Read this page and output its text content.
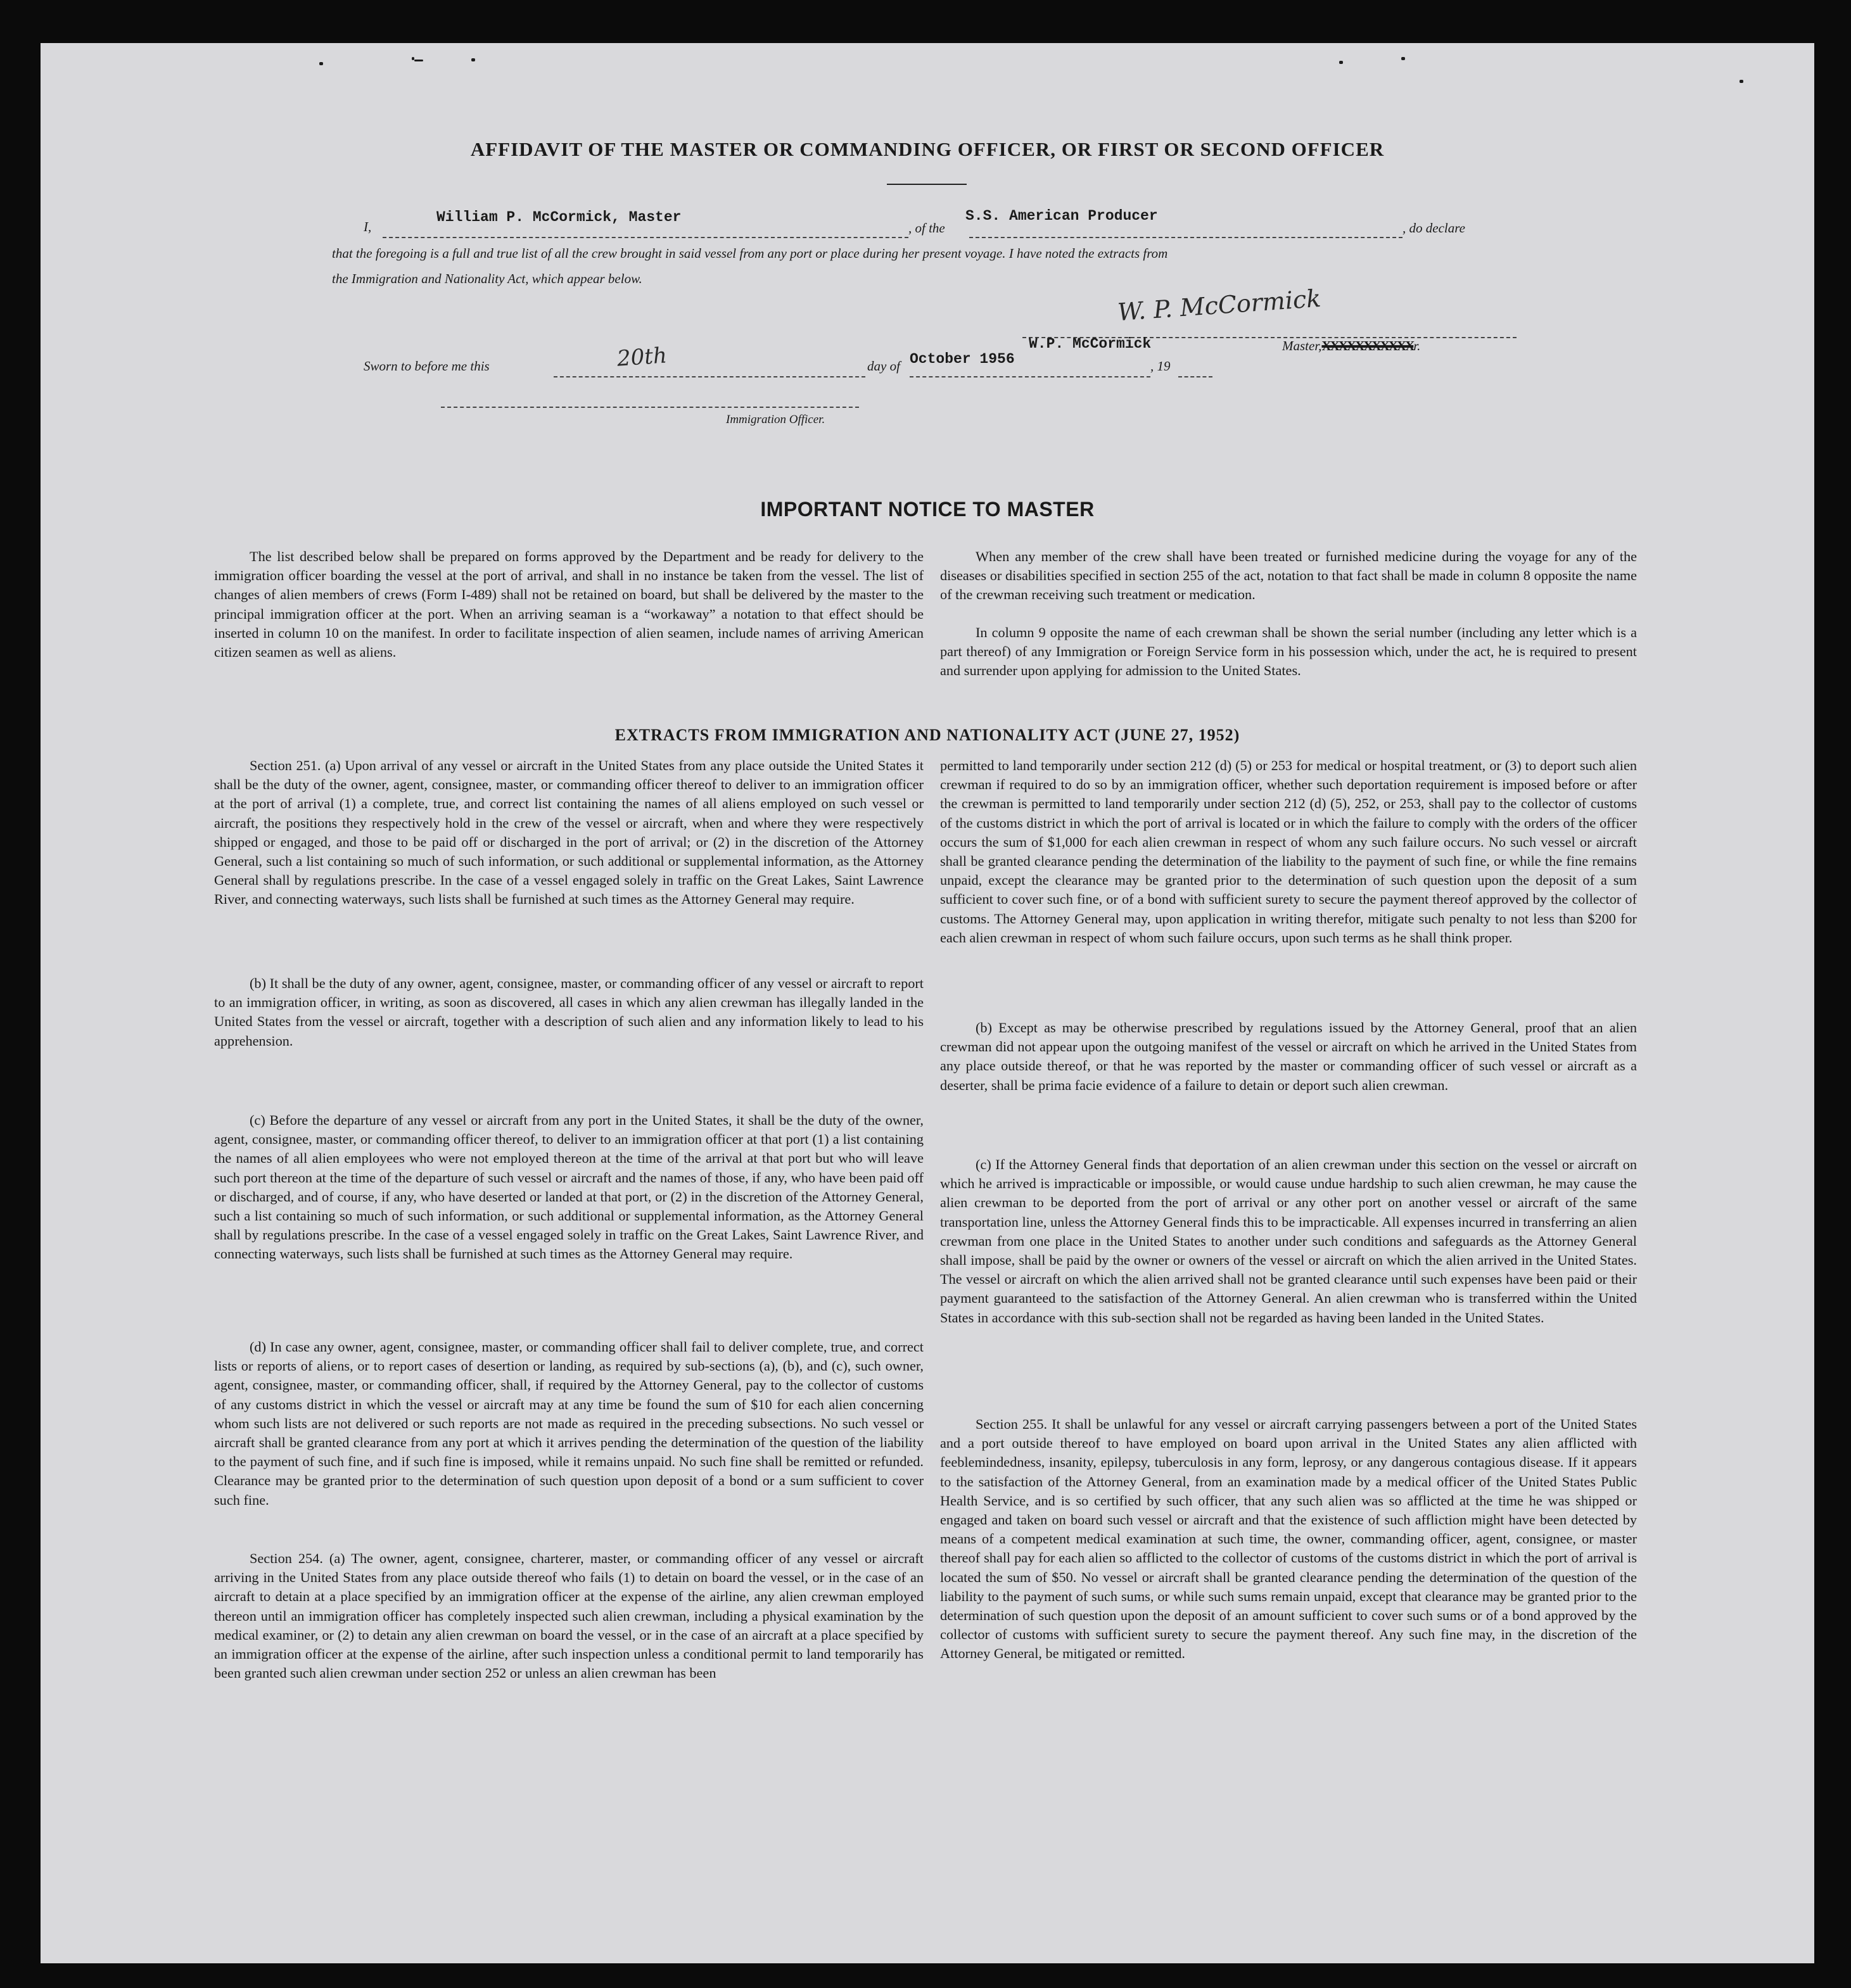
AFFIDAVIT OF THE MASTER OR COMMANDING OFFICER, OR FIRST OR SECOND OFFICER
I,
William P. McCormick, Master
, of the
S.S. American Producer
, do declare
that the foregoing is a full and true list of all the crew brought in said vessel from any port or place during her present voyage. I have noted the extracts from
the Immigration and Nationality Act, which appear below.
W. P. McCormick
W.P. McCormick	Master,XXXXXXXXXXXr.
Sworn to before me this	20th	day of October 1956	, 19
Immigration Officer.
IMPORTANT NOTICE TO MASTER

The list described below shall be prepared on forms approved by the Department and be ready for delivery to the immigration officer boarding the vessel at the port of arrival, and shall in no instance be taken from the vessel. The list of changes of alien members of crews (Form I-489) shall not be retained on board, but shall be delivered by the master to the principal immigration officer at the port. When an arriving seaman is a “workaway” a notation to that effect should be inserted in column 10 on the manifest. In order to facilitate inspection of alien seamen, include names of arriving American citizen seamen as well as aliens.

When any member of the crew shall have been treated or furnished medicine during the voyage for any of the diseases or disabilities specified in section 255 of the act, notation to that fact shall be made in column 8 opposite the name of the crewman receiving such treatment or medication.

In column 9 opposite the name of each crewman shall be shown the serial number (including any letter which is a part thereof) of any Immigration or Foreign Service form in his possession which, under the act, he is required to present and surrender upon applying for admission to the United States.

EXTRACTS FROM IMMIGRATION AND NATIONALITY ACT (JUNE 27, 1952)

Section 251. (a) Upon arrival of any vessel or aircraft in the United States from any place outside the United States it shall be the duty of the owner, agent, consignee, master, or commanding officer thereof to deliver to an immigration officer at the port of arrival (1) a complete, true, and correct list containing the names of all aliens employed on such vessel or aircraft, the positions they respectively hold in the crew of the vessel or aircraft, when and where they were respectively shipped or engaged, and those to be paid off or discharged in the port of arrival; or (2) in the discretion of the Attorney General, such a list containing so much of such information, or such additional or supplemental information, as the Attorney General shall by regulations prescribe. In the case of a vessel engaged solely in traffic on the Great Lakes, Saint Lawrence River, and connecting waterways, such lists shall be furnished at such times as the Attorney General may require.

(b) It shall be the duty of any owner, agent, consignee, master, or commanding officer of any vessel or aircraft to report to an immigration officer, in writing, as soon as discovered, all cases in which any alien crewman has illegally landed in the United States from the vessel or aircraft, together with a description of such alien and any information likely to lead to his apprehension.

(c) Before the departure of any vessel or aircraft from any port in the United States, it shall be the duty of the owner, agent, consignee, master, or commanding officer thereof, to deliver to an immigration officer at that port (1) a list containing the names of all alien employees who were not employed thereon at the time of the arrival at that port but who will leave such port thereon at the time of the departure of such vessel or aircraft and the names of those, if any, who have been paid off or discharged, and of course, if any, who have deserted or landed at that port, or (2) in the discretion of the Attorney General, such a list containing so much of such information, or such additional or supplemental information, as the Attorney General shall by regulations prescribe. In the case of a vessel engaged solely in traffic on the Great Lakes, Saint Lawrence River, and connecting waterways, such lists shall be furnished at such times as the Attorney General may require.

(d) In case any owner, agent, consignee, master, or commanding officer shall fail to deliver complete, true, and correct lists or reports of aliens, or to report cases of desertion or landing, as required by sub-sections (a), (b), and (c), such owner, agent, consignee, master, or commanding officer, shall, if required by the Attorney General, pay to the collector of customs of any customs district in which the vessel or aircraft may at any time be found the sum of $10 for each alien concerning whom such lists are not delivered or such reports are not made as required in the preceding subsections. No such vessel or aircraft shall be granted clearance from any port at which it arrives pending the determination of the question of the liability to the payment of such fine, and if such fine is imposed, while it remains unpaid. No such fine shall be remitted or refunded. Clearance may be granted prior to the determination of such question upon deposit of a bond or a sum sufficient to cover such fine.

Section 254. (a) The owner, agent, consignee, charterer, master, or commanding officer of any vessel or aircraft arriving in the United States from any place outside thereof who fails (1) to detain on board the vessel, or in the case of an aircraft to detain at a place specified by an immigration officer at the expense of the airline, any alien crewman employed thereon until an immigration officer has completely inspected such alien crewman, including a physical examination by the medical examiner, or (2) to detain any alien crewman on board the vessel, or in the case of an aircraft at a place specified by an immigration officer at the expense of the airline, after such inspection unless a conditional permit to land temporarily has been granted such alien crewman under section 252 or unless an alien crewman has been

permitted to land temporarily under section 212 (d) (5) or 253 for medical or hospital treatment, or (3) to deport such alien crewman if required to do so by an immigration officer, whether such deportation requirement is imposed before or after the crewman is permitted to land temporarily under section 212 (d) (5), 252, or 253, shall pay to the collector of customs of the customs district in which the port of arrival is located or in which the failure to comply with the orders of the officer occurs the sum of $1,000 for each alien crewman in respect of whom any such failure occurs. No such vessel or aircraft shall be granted clearance pending the determination of the liability to the payment of such fine, or while the fine remains unpaid, except the clearance may be granted prior to the determination of such question upon the deposit of a sum sufficient to cover such fine, or of a bond with sufficient surety to secure the payment thereof approved by the collector of customs. The Attorney General may, upon application in writing therefor, mitigate such penalty to not less than $200 for each alien crewman in respect of whom such failure occurs, upon such terms as he shall think proper.

(b) Except as may be otherwise prescribed by regulations issued by the Attorney General, proof that an alien crewman did not appear upon the outgoing manifest of the vessel or aircraft on which he arrived in the United States from any place outside thereof, or that he was reported by the master or commanding officer of such vessel or aircraft as a deserter, shall be prima facie evidence of a failure to detain or deport such alien crewman.

(c) If the Attorney General finds that deportation of an alien crewman under this section on the vessel or aircraft on which he arrived is impracticable or impossible, or would cause undue hardship to such alien crewman, he may cause the alien crewman to be deported from the port of arrival or any other port on another vessel or aircraft of the same transportation line, unless the Attorney General finds this to be impracticable. All expenses incurred in transferring an alien crewman from one place in the United States to another under such conditions and safeguards as the Attorney General shall impose, shall be paid by the owner or owners of the vessel or aircraft on which the alien arrived in the United States. The vessel or aircraft on which the alien arrived shall not be granted clearance until such expenses have been paid or their payment guaranteed to the satisfaction of the Attorney General. An alien crewman who is transferred within the United States in accordance with this sub-section shall not be regarded as having been landed in the United States.

Section 255. It shall be unlawful for any vessel or aircraft carrying passengers between a port of the United States and a port outside thereof to have employed on board upon arrival in the United States any alien afflicted with feeblemindedness, insanity, epilepsy, tuberculosis in any form, leprosy, or any dangerous contagious disease. If it appears to the satisfaction of the Attorney General, from an examination made by a medical officer of the United States Public Health Service, and is so certified by such officer, that any such alien was so afflicted at the time he was shipped or engaged and taken on board such vessel or aircraft and that the existence of such affliction might have been detected by means of a competent medical examination at such time, the owner, commanding officer, agent, consignee, or master thereof shall pay for each alien so afflicted to the collector of customs of the customs district in which the port of arrival is located the sum of $50. No vessel or aircraft shall be granted clearance pending the determination of the question of the liability to the payment of such sums, or while such sums remain unpaid, except that clearance may be granted prior to the determination of such question upon the deposit of an amount sufficient to cover such sums or of a bond approved by the collector of customs with sufficient surety to secure the payment thereof. Any such fine may, in the discretion of the Attorney General, be mitigated or remitted.
